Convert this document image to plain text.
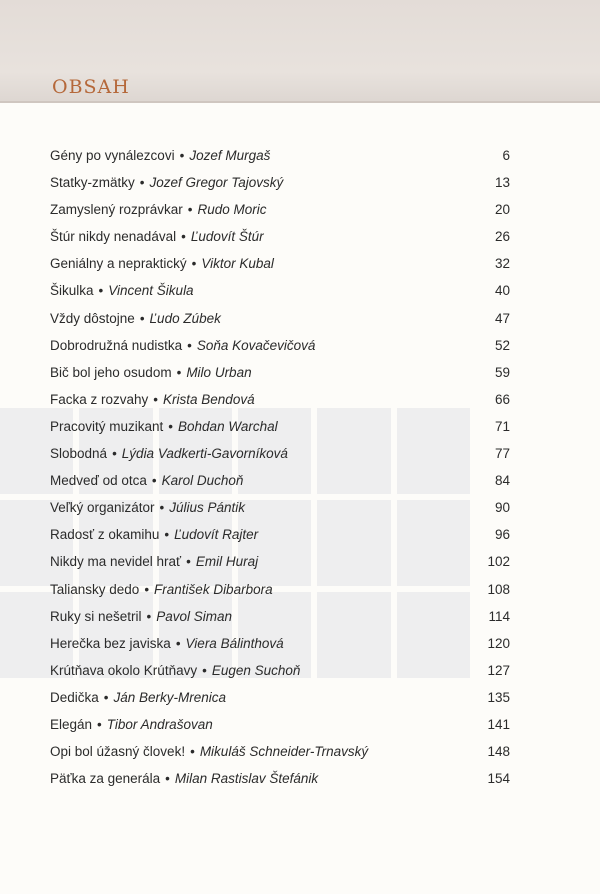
OBSAH
Gény po vynálezcovi • Jozef Murgaš	6
Statky-zmätky • Jozef Gregor Tajovský	13
Zamyslený rozprávkar • Rudo Moric	20
Štúr nikdy nenadával • Ľudovít Štúr	26
Geniálny a nepraktický • Viktor Kubal	32
Šikulka • Vincent Šikula	40
Vždy dôstojne • Ľudo Zúbek	47
Dobrodružná nudistka • Soňa Kovačevičová	52
Bič bol jeho osudom • Milo Urban	59
Facka z rozvahy • Krista Bendová	66
Pracovitý muzikant • Bohdan Warchal	71
Slobodná • Lýdia Vadkerti-Gavorníková	77
Medveď od otca • Karol Duchoň	84
Veľký organizátor • Július Pántik	90
Radosť z okamihu • Ľudovít Rajter	96
Nikdy ma nevidel hrať • Emil Huraj	102
Taliansky dedo • František Dibarbora	108
Ruky si nešetril • Pavol Siman	114
Herečka bez javiska • Viera Bálinthová	120
Krútňava okolo Krútňavy • Eugen Suchoň	127
Dedička • Ján Berky-Mrenica	135
Elegán • Tibor Andrašovan	141
Opi bol úžasný človek! • Mikuláš Schneider-Trnavský	148
Päťka za generála • Milan Rastislav Štefánik	154
